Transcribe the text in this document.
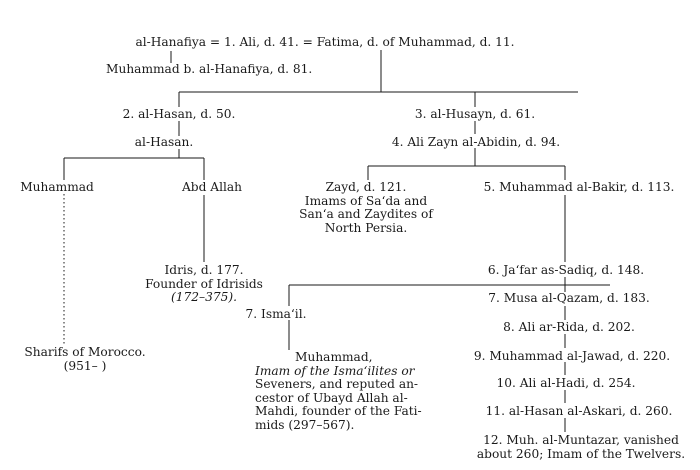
al-Hanafiya = 1. Ali, d. 41. = Fatima, d. of Muhammad, d. 11.
Muhammad b. al-Hanafiya, d. 81.
2. al-Hasan, d. 50.	3. al-Husayn, d. 61.
al-Hasan.	4. Ali Zayn al-Abidin, d. 94.
Muhammad	Abd Allah	Zayd, d. 121.
Imams of Sa‘da and
San‘a and Zaydites of
North Persia.
5. Muhammad al-Bakir, d. 113.
Idris, d. 177.
Founder of Idrisids
(172–375).
6. Ja‘far as-Sadiq, d. 148.
7. Isma‘il.
7. Musa al-Qazam, d. 183.
8. Ali ar-Rida, d. 202.
Sharifs of Morocco.
(951– )
Muhammad,
Imam of the Isma‘ilites or
Seveners, and reputed an-
cestor of Ubayd Allah al-
Mahdi, founder of the Fati-
mids (297–567).
9. Muhammad al-Jawad, d. 220.
10. Ali al-Hadi, d. 254.
11. al-Hasan al-Askari, d. 260.
12. Muh. al-Muntazar, vanished
about 260; Imam of the Twelvers.
